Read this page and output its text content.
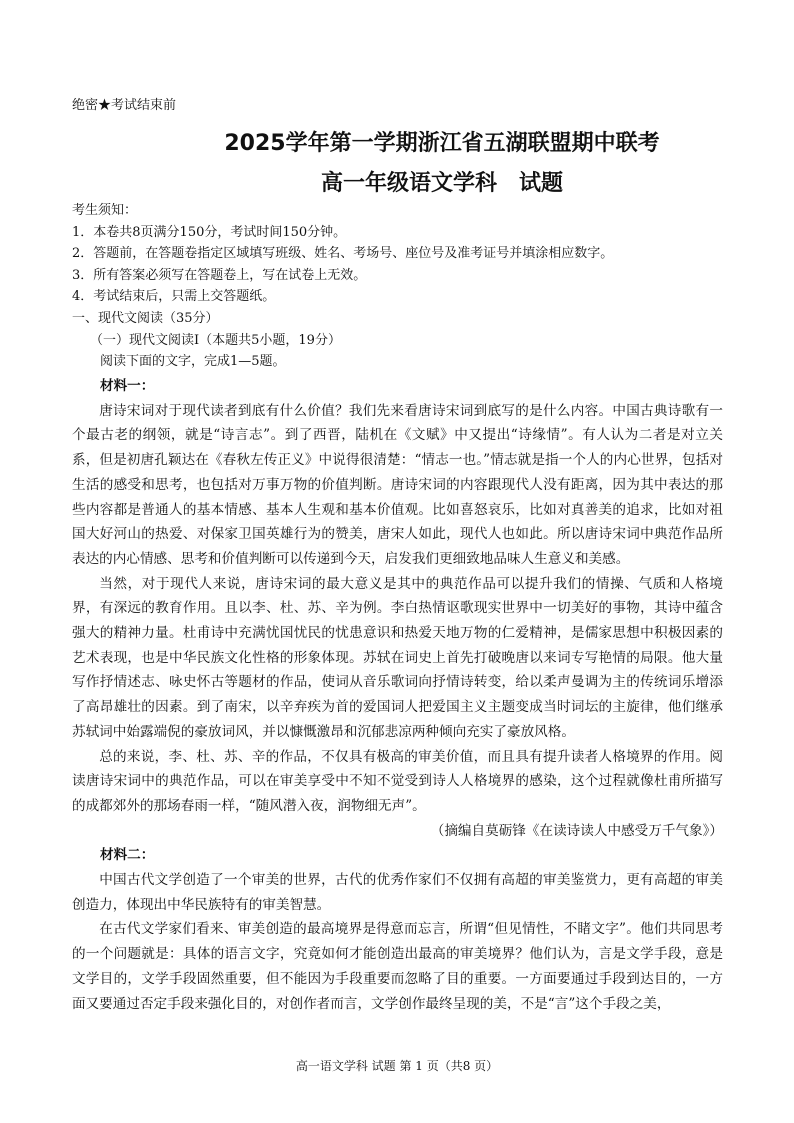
绝密★考试结束前
2025学年第一学期浙江省五湖联盟期中联考
高一年级语文学科　试题
考生须知：
1．本卷共8页满分150分，考试时间150分钟。
2．答题前，在答题卷指定区域填写班级、姓名、考场号、座位号及准考证号并填涂相应数字。
3．所有答案必须写在答题卷上，写在试卷上无效。
4．考试结束后，只需上交答题纸。
一、现代文阅读（35分）
（一）现代文阅读Ⅰ（本题共5小题，19分）
阅读下面的文字，完成1—5题。
材料一：

唐诗宋词对于现代读者到底有什么价值？我们先来看唐诗宋词到底写的是什么内容。中国古典诗歌有一个最古老的纲领，就是“诗言志”。到了西晋，陆机在《文赋》中又提出“诗缘情”。有人认为二者是对立关系，但是初唐孔颖达在《春秋左传正义》中说得很清楚：“情志一也。”情志就是指一个人的内心世界，包括对生活的感受和思考，也包括对万事万物的价值判断。唐诗宋词的内容跟现代人没有距离，因为其中表达的那些内容都是普通人的基本情感、基本人生观和基本价值观。比如喜怒哀乐，比如对真善美的追求，比如对祖国大好河山的热爱、对保家卫国英雄行为的赞美，唐宋人如此，现代人也如此。所以唐诗宋词中典范作品所表达的内心情感、思考和价值判断可以传递到今天，启发我们更细致地品味人生意义和美感。

当然，对于现代人来说，唐诗宋词的最大意义是其中的典范作品可以提升我们的情操、气质和人格境界，有深远的教育作用。且以李、杜、苏、辛为例。李白热情讴歌现实世界中一切美好的事物，其诗中蕴含强大的精神力量。杜甫诗中充满忧国忧民的忧患意识和热爱天地万物的仁爱精神，是儒家思想中积极因素的艺术表现，也是中华民族文化性格的形象体现。苏轼在词史上首先打破晚唐以来词专写艳情的局限。他大量写作抒情述志、咏史怀古等题材的作品，使词从音乐歌词向抒情诗转变，给以柔声曼调为主的传统词乐增添了高昂雄壮的因素。到了南宋，以辛弃疾为首的爱国词人把爱国主义主题变成当时词坛的主旋律，他们继承苏轼词中始露端倪的豪放词风，并以慷慨激昂和沉郁悲凉两种倾向充实了豪放风格。

总的来说，李、杜、苏、辛的作品，不仅具有极高的审美价值，而且具有提升读者人格境界的作用。阅读唐诗宋词中的典范作品，可以在审美享受中不知不觉受到诗人人格境界的感染，这个过程就像杜甫所描写的成都郊外的那场春雨一样，“随风潜入夜，润物细无声”。

（摘编自莫砺锋《在读诗读人中感受万千气象》）
材料二：

中国古代文学创造了一个审美的世界，古代的优秀作家们不仅拥有高超的审美鉴赏力，更有高超的审美创造力，体现出中华民族特有的审美智慧。

在古代文学家们看来、审美创造的最高境界是得意而忘言，所谓“但见情性，不睹文字”。他们共同思考的一个问题就是：具体的语言文字，究竟如何才能创造出最高的审美境界？他们认为，言是文学手段，意是文学目的，文学手段固然重要，但不能因为手段重要而忽略了目的重要。一方面要通过手段到达目的，一方面又要通过否定手段来强化目的，对创作者而言，文学创作最终呈现的美，不是“言”这个手段之美，

高一语文学科 试题 第 1 页（共8 页）
